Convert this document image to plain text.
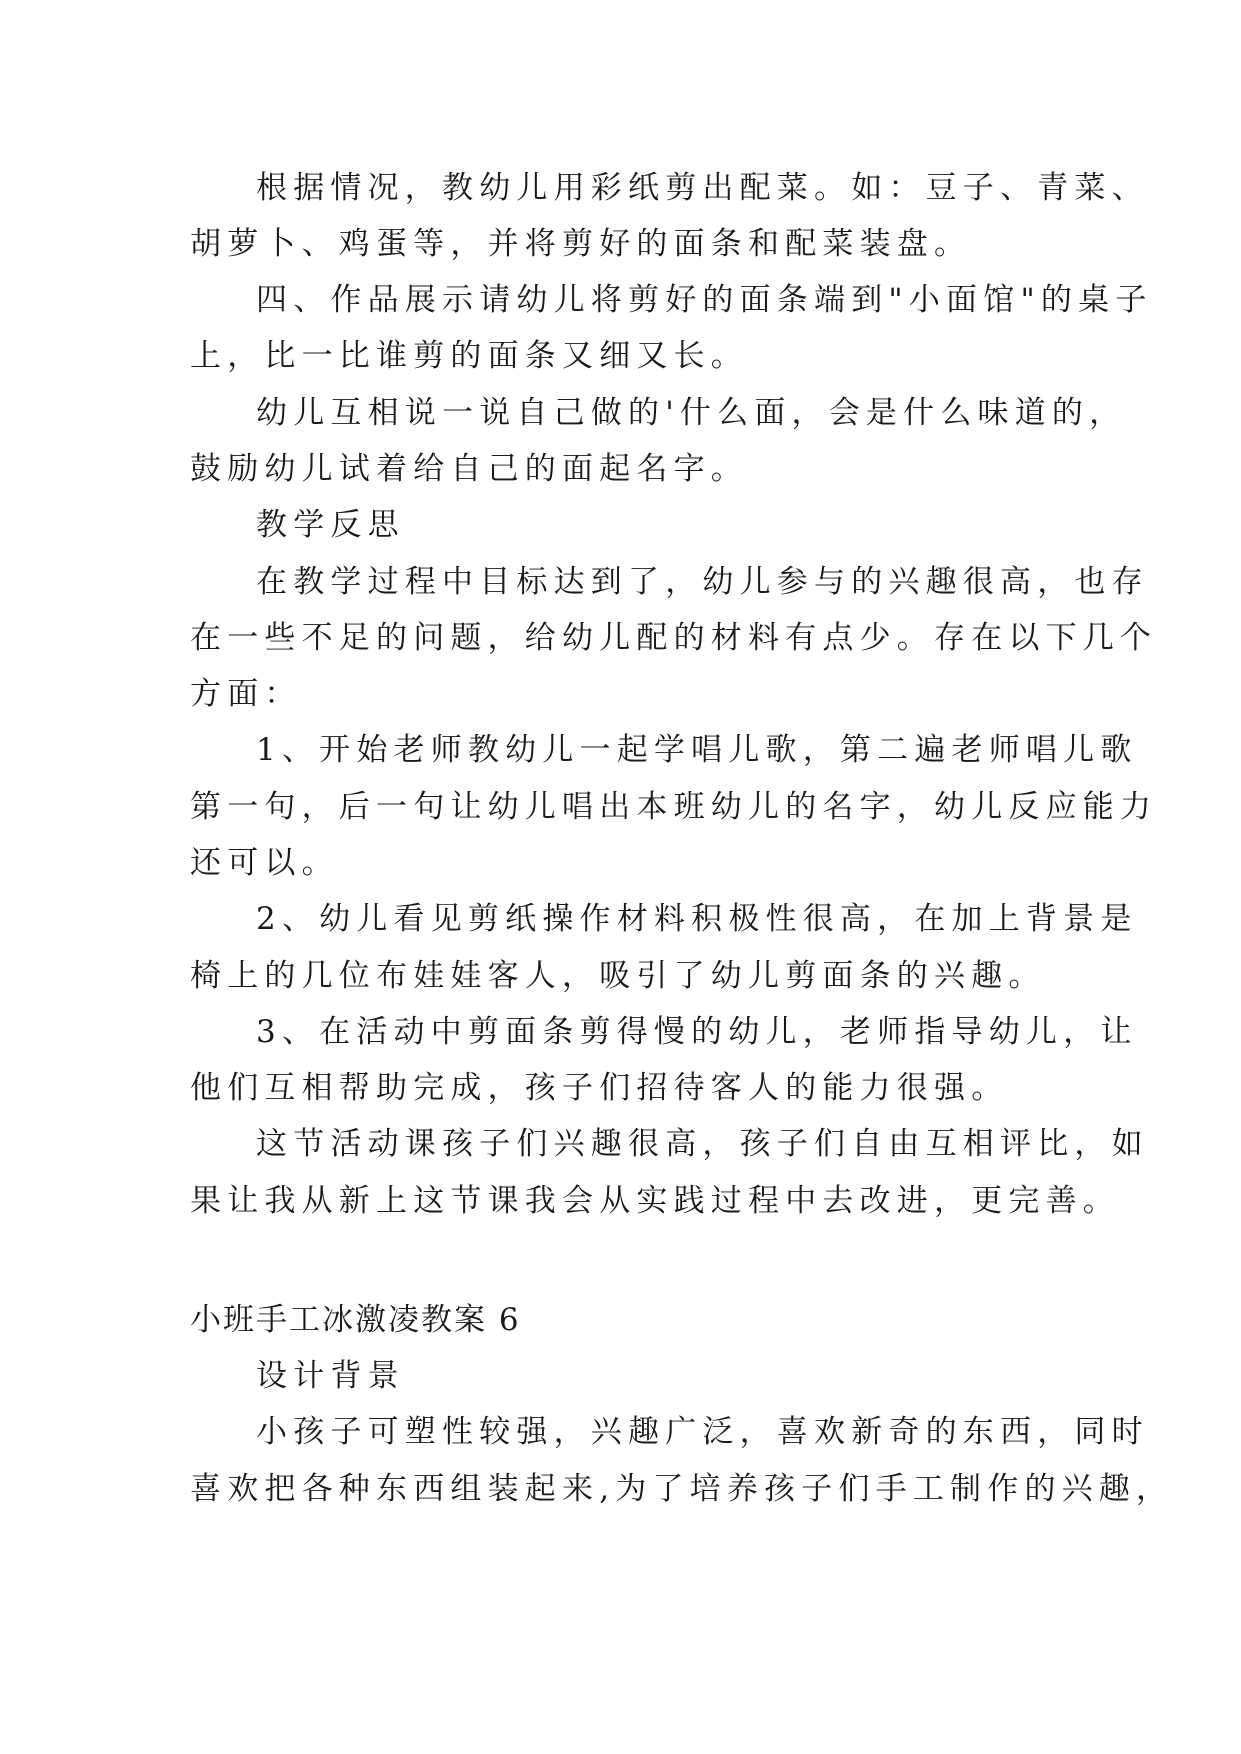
根据情况，教幼儿用彩纸剪出配菜。如：豆子、青菜、
胡萝卜、鸡蛋等，并将剪好的面条和配菜装盘。
四、作品展示请幼儿将剪好的面条端到"小面馆"的桌子
上，比一比谁剪的面条又细又长。
幼儿互相说一说自己做的'什么面，会是什么味道的，
鼓励幼儿试着给自己的面起名字。
教学反思
在教学过程中目标达到了，幼儿参与的兴趣很高，也存
在一些不足的问题，给幼儿配的材料有点少。存在以下几个
方面：
1、开始老师教幼儿一起学唱儿歌，第二遍老师唱儿歌
第一句，后一句让幼儿唱出本班幼儿的名字，幼儿反应能力
还可以。
2、幼儿看见剪纸操作材料积极性很高，在加上背景是
椅上的几位布娃娃客人，吸引了幼儿剪面条的兴趣。
3、在活动中剪面条剪得慢的幼儿，老师指导幼儿，让
他们互相帮助完成，孩子们招待客人的能力很强。
这节活动课孩子们兴趣很高，孩子们自由互相评比，如
果让我从新上这节课我会从实践过程中去改进，更完善。
小班手工冰激凌教案 6
设计背景
小孩子可塑性较强，兴趣广泛，喜欢新奇的东西，同时
喜欢把各种东西组装起来,为了培养孩子们手工制作的兴趣，
